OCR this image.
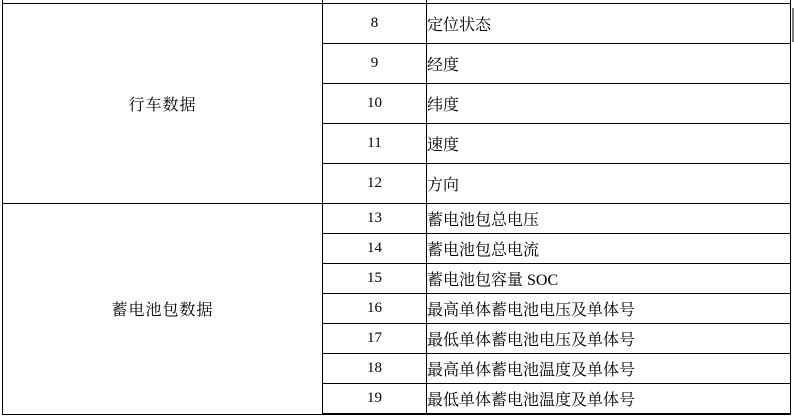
行车数据	8	定位状态
	9	经度
	10	纬度
	11	速度
	12	方向
蓄电池包数据	13	蓄电池包总电压
	14	蓄电池包总电流
	15	蓄电池包容量 SOC
	16	最高单体蓄电池电压及单体号
	17	最低单体蓄电池电压及单体号
	18	最高单体蓄电池温度及单体号
	19	最低单体蓄电池温度及单体号
